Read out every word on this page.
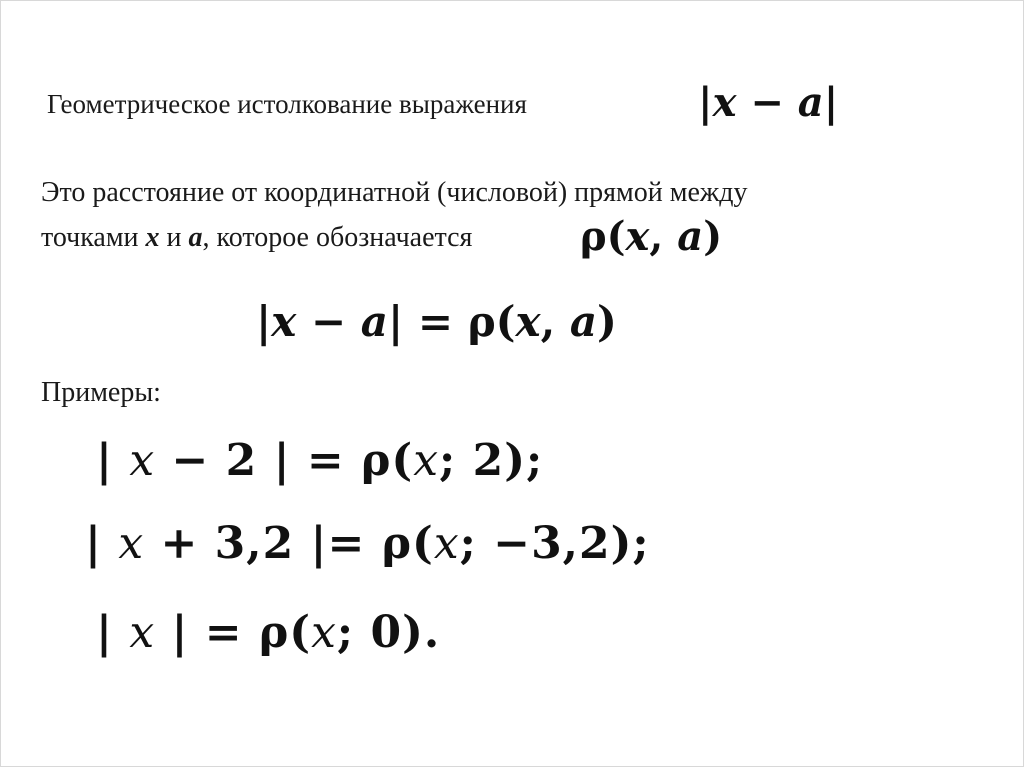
Геометрическое истолкование выражения	|x − a|
Это расстояние от координатной (числовой) прямой между
точками x и a, которое обозначается	ρ(x, a)
|x − a| = ρ(x, a)
Примеры:
| x − 2 | = ρ(x; 2);
| x + 3,2 |= ρ(x; −3,2);
| x | = ρ(x; 0).
